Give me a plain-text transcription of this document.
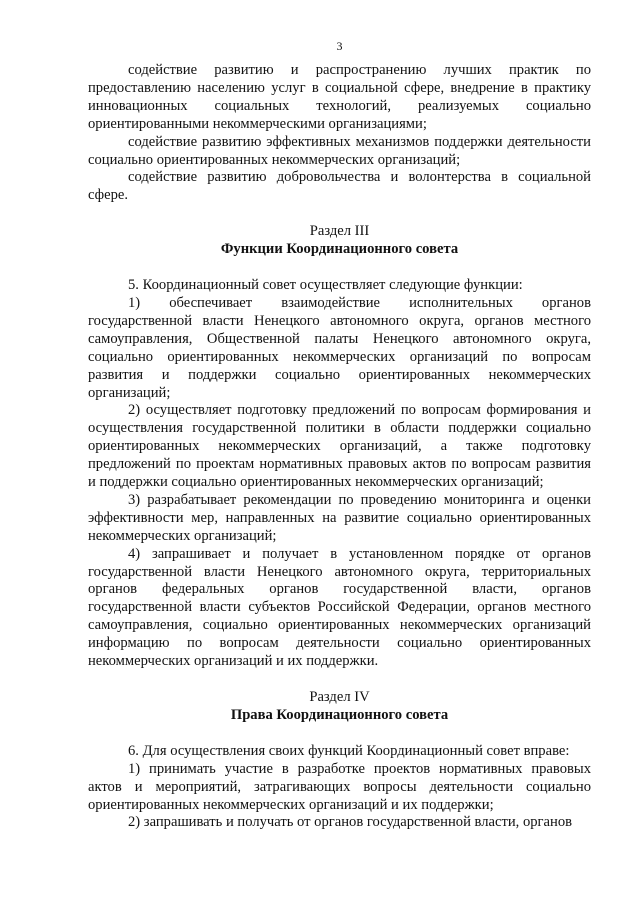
3

содействие развитию и распространению лучших практик по предоставлению населению услуг в социальной сфере, внедрение в практику инновационных социальных технологий, реализуемых социально ориентированными некоммерческими организациями;

содействие развитию эффективных механизмов поддержки деятельности социально ориентированных некоммерческих организаций;

содействие развитию добровольчества и волонтерства в социальной сфере.

Раздел III
Функции Координационного совета

5. Координационный совет осуществляет следующие функции:

1) обеспечивает взаимодействие исполнительных органов государственной власти Ненецкого автономного округа, органов местного самоуправления, Общественной палаты Ненецкого автономного округа, социально ориентированных некоммерческих организаций по вопросам развития и поддержки социально ориентированных некоммерческих организаций;

2) осуществляет подготовку предложений по вопросам формирования и осуществления государственной политики в области поддержки социально ориентированных некоммерческих организаций, а также подготовку предложений по проектам нормативных правовых актов по вопросам развития и поддержки социально ориентированных некоммерческих организаций;

3) разрабатывает рекомендации по проведению мониторинга и оценки эффективности мер, направленных на развитие социально ориентированных некоммерческих организаций;

4) запрашивает и получает в установленном порядке от органов государственной власти Ненецкого автономного округа, территориальных органов федеральных органов государственной власти, органов государственной власти субъектов Российской Федерации, органов местного самоуправления, социально ориентированных некоммерческих организаций информацию по вопросам деятельности социально ориентированных некоммерческих организаций и их поддержки.

Раздел IV
Права Координационного совета

6. Для осуществления своих функций Координационный совет вправе:

1) принимать участие в разработке проектов нормативных правовых актов и мероприятий, затрагивающих вопросы деятельности социально ориентированных некоммерческих организаций и их поддержки;

2) запрашивать и получать от органов государственной власти, органов
